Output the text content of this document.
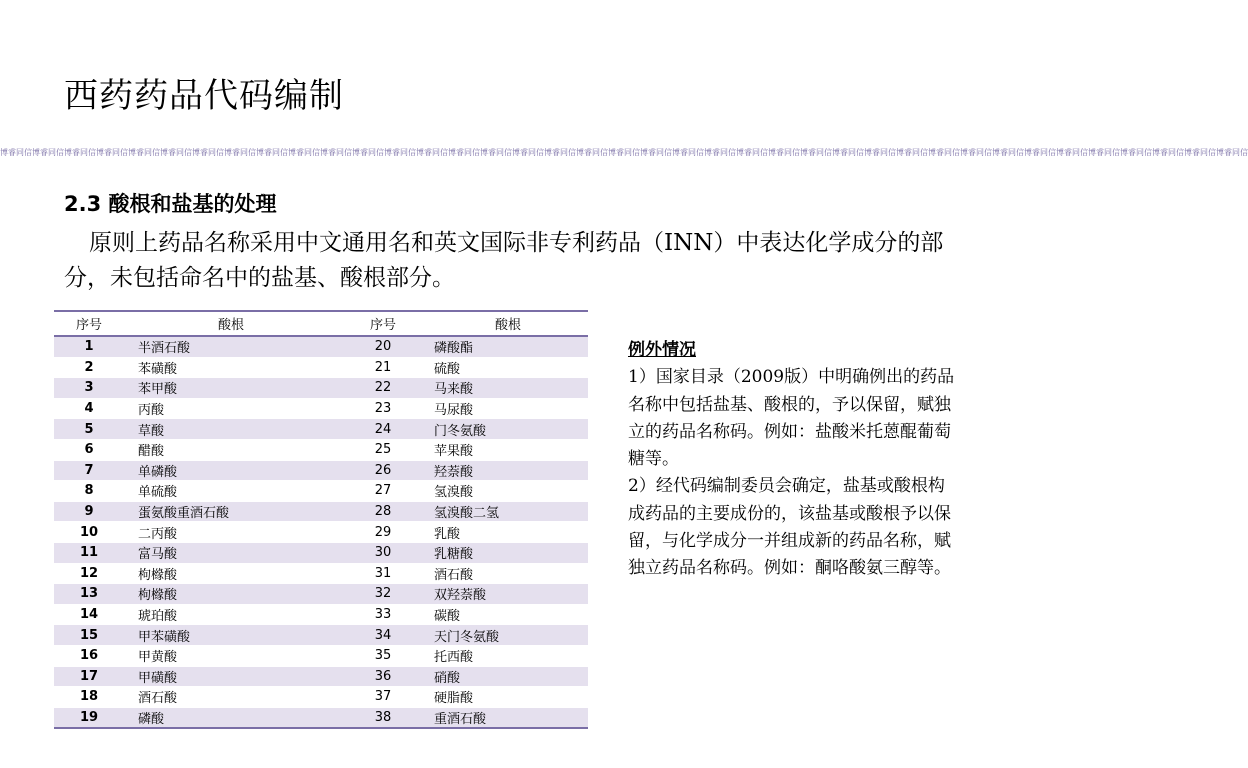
西药药品代码编制
博睿同信博睿同信博睿同信博睿同信博睿同信博睿同信博睿同信博睿同信博睿同信博睿同信博睿同信博睿同信博睿同信博睿同信博睿同信博睿同信博睿同信博睿同信博睿同信博睿同信博睿同信博睿同信博睿同信博睿同信博睿同信博睿同信博睿同信博睿同信博睿同信博睿同信博睿同信博睿同信博睿同信博睿同信博睿同信博睿同信博睿同信博睿同信博睿同信
2.3 酸根和盐基的处理
原则上药品名称采用中文通用名和英文国际非专利药品（INN）中表达化学成分的部分，未包括命名中的盐基、酸根部分。
序号	酸根	序号	酸根
1	半酒石酸	20	磷酸酯
2	苯磺酸	21	硫酸
3	苯甲酸	22	马来酸
4	丙酸	23	马尿酸
5	草酸	24	门冬氨酸
6	醋酸	25	苹果酸
7	单磷酸	26	羟萘酸
8	单硫酸	27	氢溴酸
9	蛋氨酸重酒石酸	28	氢溴酸二氢
10	二丙酸	29	乳酸
11	富马酸	30	乳糖酸
12	枸橼酸	31	酒石酸
13	枸橼酸	32	双羟萘酸
14	琥珀酸	33	碳酸
15	甲苯磺酸	34	天门冬氨酸
16	甲黄酸	35	托西酸
17	甲磺酸	36	硝酸
18	酒石酸	37	硬脂酸
19	磷酸	38	重酒石酸
例外情况

1）国家目录（2009版）中明确例出的药品名称中包括盐基、酸根的，予以保留，赋独立的药品名称码。例如：盐酸米托蒽醌葡萄糖等。

2）经代码编制委员会确定，盐基或酸根构成药品的主要成份的，该盐基或酸根予以保留，与化学成分一并组成新的药品名称，赋独立药品名称码。例如：酮咯酸氨三醇等。
